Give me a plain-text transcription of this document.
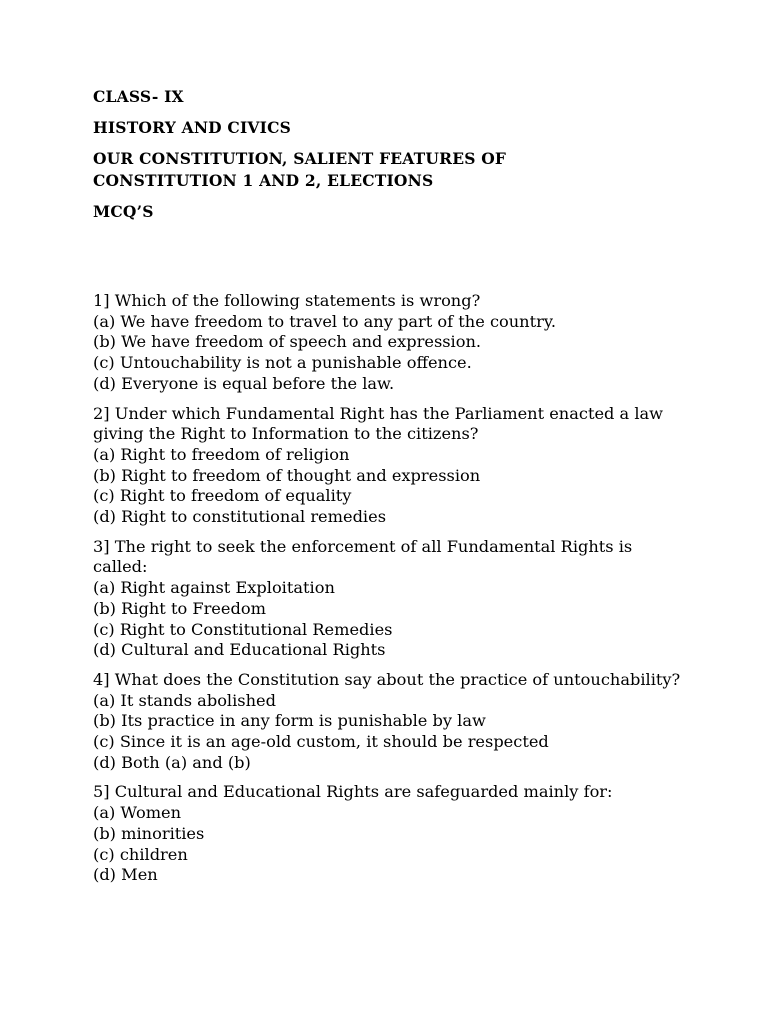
CLASS- IX
HISTORY AND CIVICS
OUR CONSTITUTION, SALIENT FEATURES OF
CONSTITUTION 1 AND 2, ELECTIONS
MCQ’S
1] Which of the following statements is wrong?
(a) We have freedom to travel to any part of the country.
(b) We have freedom of speech and expression.
(c) Untouchability is not a punishable offence.
(d) Everyone is equal before the law.
2] Under which Fundamental Right has the Parliament enacted a law giving the Right to Information to the citizens?
(a) Right to freedom of religion
(b) Right to freedom of thought and expression
(c) Right to freedom of equality
(d) Right to constitutional remedies
3] The right to seek the enforcement of all Fundamental Rights is called:
(a) Right against Exploitation
(b) Right to Freedom
(c) Right to Constitutional Remedies
(d) Cultural and Educational Rights
4] What does the Constitution say about the practice of untouchability?
(a) It stands abolished
(b) Its practice in any form is punishable by law
(c) Since it is an age-old custom, it should be respected
(d) Both (a) and (b)
5] Cultural and Educational Rights are safeguarded mainly for:
(a) Women
(b) minorities
(c) children
(d) Men
